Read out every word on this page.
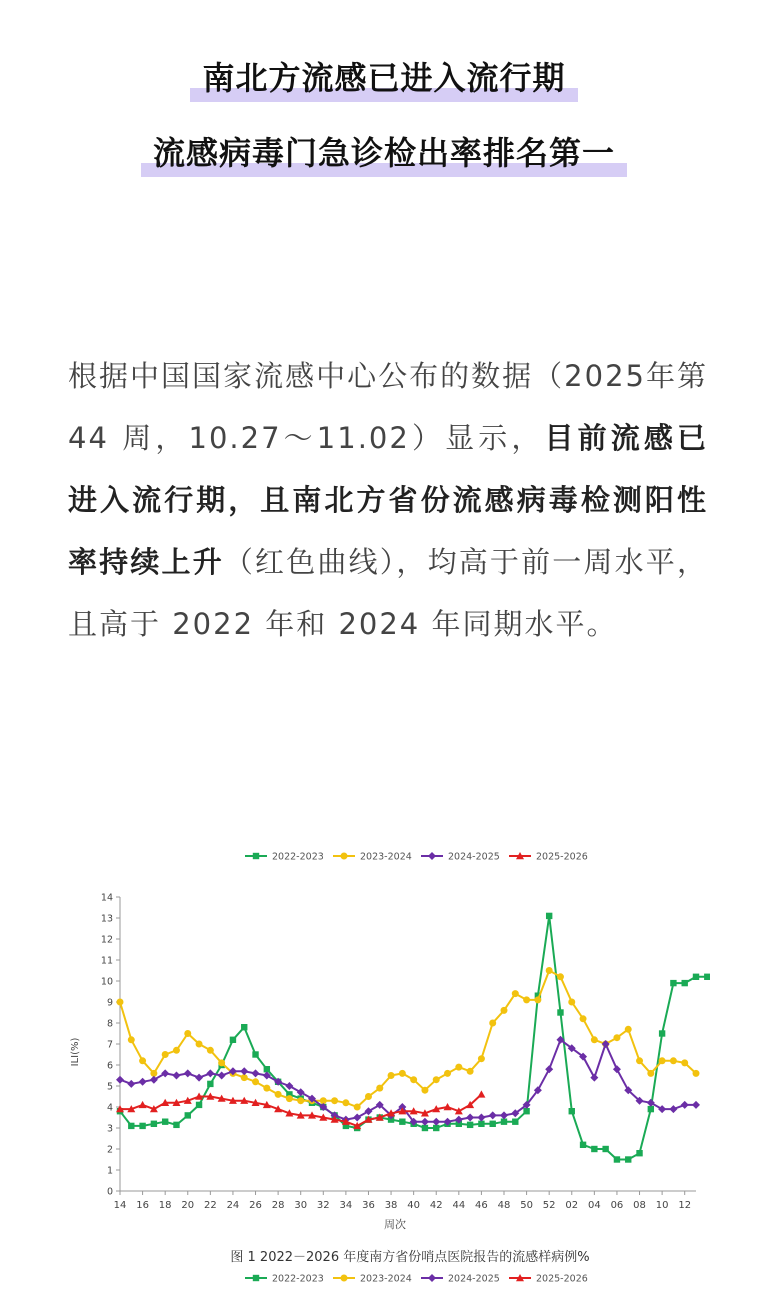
南北方流感已进入流行期
流感病毒门急诊检出率排名第一
根据中国国家流感中心公布的数据（2025年第 44 周，10.27～11.02）显示，目前流感已进入流行期，且南北方省份流感病毒检测阳性率持续上升（红色曲线），均高于前一周水平，且高于 2022 年和 2024 年同期水平。
2022-2023	2023-2024	2024-2025	2025-2026
0
1
2
3
4
5
6
7
8
9
10
11
12
13
14
14 16 18 20 22 24 26 28 30 32 34 36 38 40 42 44 46 48 50 52 02 04 06 08 10 12
ILI(%)
周次
图 1 2022－2026 年度南方省份哨点医院报告的流感样病例%
2022-2023	2023-2024	2024-2025	2025-2026
